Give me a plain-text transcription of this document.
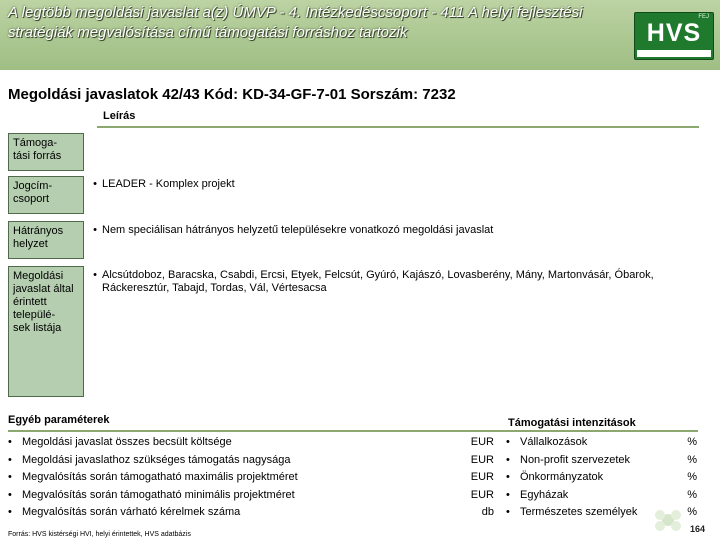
A legtöbb megoldási javaslat a(z) ÚMVP - 4. Intézkedéscsoport - 411 A helyi fejlesztési stratégiák megvalósítása című támogatási forráshoz tartozik
FEJ
HVS
Megoldási javaslatok 42/43 Kód: KD-34-GF-7-01 Sorszám: 7232
Leírás
Támoga-
tási forrás
Jogcím-
csoport
• LEADER - Komplex projekt
Hátrányos helyzet
• Nem speciálisan hátrányos helyzetű településekre vonatkozó megoldási javaslat
Megoldási javaslat által érintett települé-
sek listája
• Alcsútdoboz, Baracska, Csabdi, Ercsi, Etyek, Felcsút, Gyúró, Kajászó, Lovasberény, Mány, Martonvásár, Óbarok, Ráckeresztúr, Tabajd, Tordas, Vál, Vértesacsa
Egyéb paraméterek	Támogatási intenzitások
• Megoldási javaslat összes becsült költsége	EUR
• Megoldási javaslathoz szükséges támogatás nagysága	EUR
• Megvalósítás során támogatható maximális projektméret	EUR
• Megvalósítás során támogatható minimális projektméret	EUR
• Megvalósítás során várható kérelmek száma	db
• Vállalkozások	%
• Non-profit szervezetek	%
• Önkormányzatok	%
• Egyházak	%
• Természetes személyek	%
Forrás: HVS kistérségi HVI, helyi érintettek, HVS adatbázis
164
